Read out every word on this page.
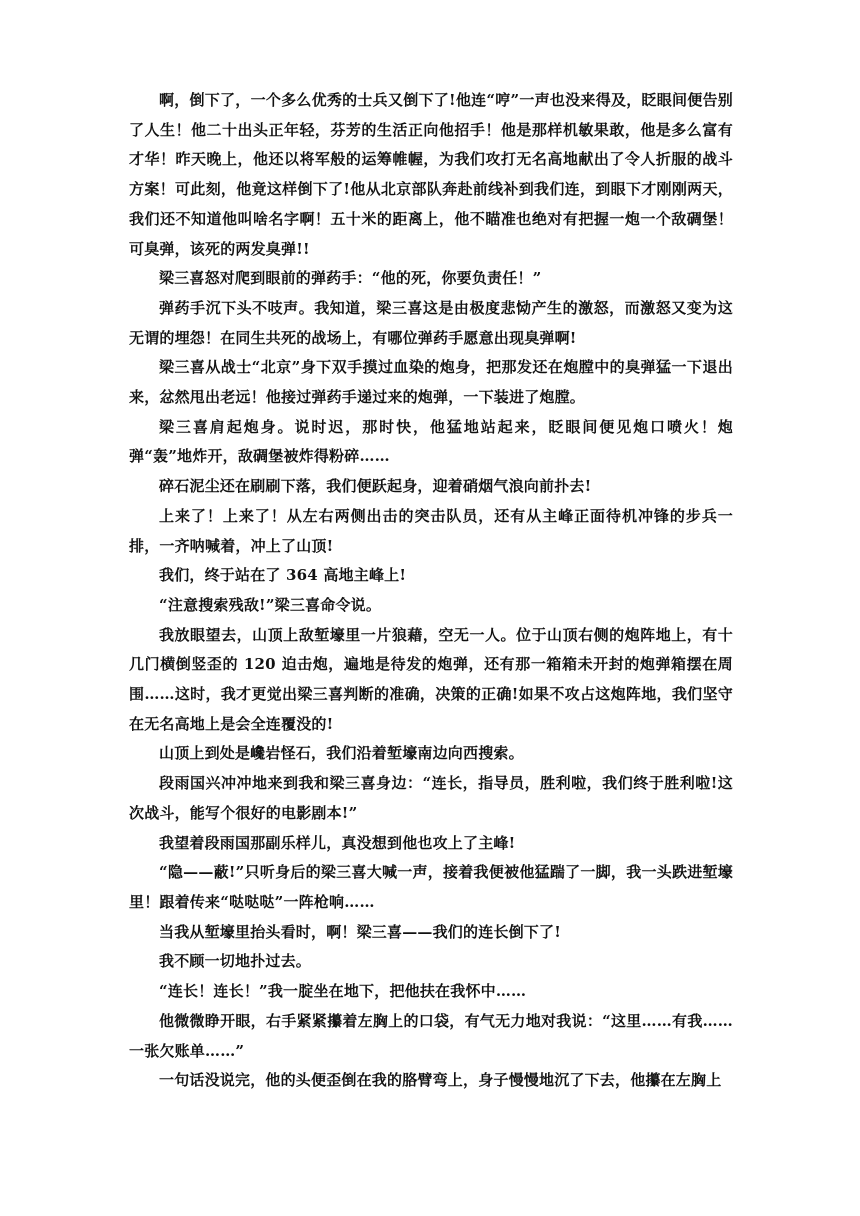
啊，倒下了，一个多么优秀的士兵又倒下了!他连“哼”一声也没来得及，眨眼间便告别了人生！他二十出头正年轻，芬芳的生活正向他招手！他是那样机敏果敢，他是多么富有才华！昨天晚上，他还以将军般的运筹帷幄，为我们攻打无名高地献出了令人折服的战斗方案！可此刻，他竟这样倒下了!他从北京部队奔赴前线补到我们连，到眼下才刚刚两天，我们还不知道他叫啥名字啊！五十米的距离上，他不瞄准也绝对有把握一炮一个敌碉堡！可臭弹，该死的两发臭弹!!

梁三喜怒对爬到眼前的弹药手：“他的死，你要负责任！”

弹药手沉下头不吱声。我知道，梁三喜这是由极度悲恸产生的激怒，而激怒又变为这无谓的埋怨！在同生共死的战场上，有哪位弹药手愿意出现臭弹啊!

梁三喜从战士“北京”身下双手摸过血染的炮身，把那发还在炮膛中的臭弹猛一下退出来，忿然甩出老远！他接过弹药手递过来的炮弹，一下装进了炮膛。

梁三喜肩起炮身。说时迟，那时快，他猛地站起来，眨眼间便见炮口喷火！炮弹“轰”地炸开，敌碉堡被炸得粉碎……

碎石泥尘还在刷刷下落，我们便跃起身，迎着硝烟气浪向前扑去!

上来了！上来了！从左右两侧出击的突击队员，还有从主峰正面待机冲锋的步兵一排，一齐呐喊着，冲上了山顶!

我们，终于站在了 364 高地主峰上!

“注意搜索残敌!”梁三喜命令说。

我放眼望去，山顶上敌堑壕里一片狼藉，空无一人。位于山顶右侧的炮阵地上，有十几门横倒竖歪的 120 迫击炮，遍地是待发的炮弹，还有那一箱箱未开封的炮弹箱摆在周围……这时，我才更觉出梁三喜判断的准确，决策的正确!如果不攻占这炮阵地，我们坚守在无名高地上是会全连覆没的!

山顶上到处是巉岩怪石，我们沿着堑壕南边向西搜索。

段雨国兴冲冲地来到我和梁三喜身边：“连长，指导员，胜利啦，我们终于胜利啦!这次战斗，能写个很好的电影剧本!”

我望着段雨国那副乐样儿，真没想到他也攻上了主峰!

“隐——蔽!”只听身后的梁三喜大喊一声，接着我便被他猛踹了一脚，我一头跌进堑壕里！跟着传来“哒哒哒”一阵枪响……

当我从堑壕里抬头看时，啊！梁三喜——我们的连长倒下了!

我不顾一切地扑过去。

“连长！连长！”我一腚坐在地下，把他扶在我怀中……

他微微睁开眼，右手紧紧攥着左胸上的口袋，有气无力地对我说：“这里……有我……一张欠账单……”

一句话没说完，他的头便歪倒在我的胳臂弯上，身子慢慢地沉了下去，他攥在左胸上
